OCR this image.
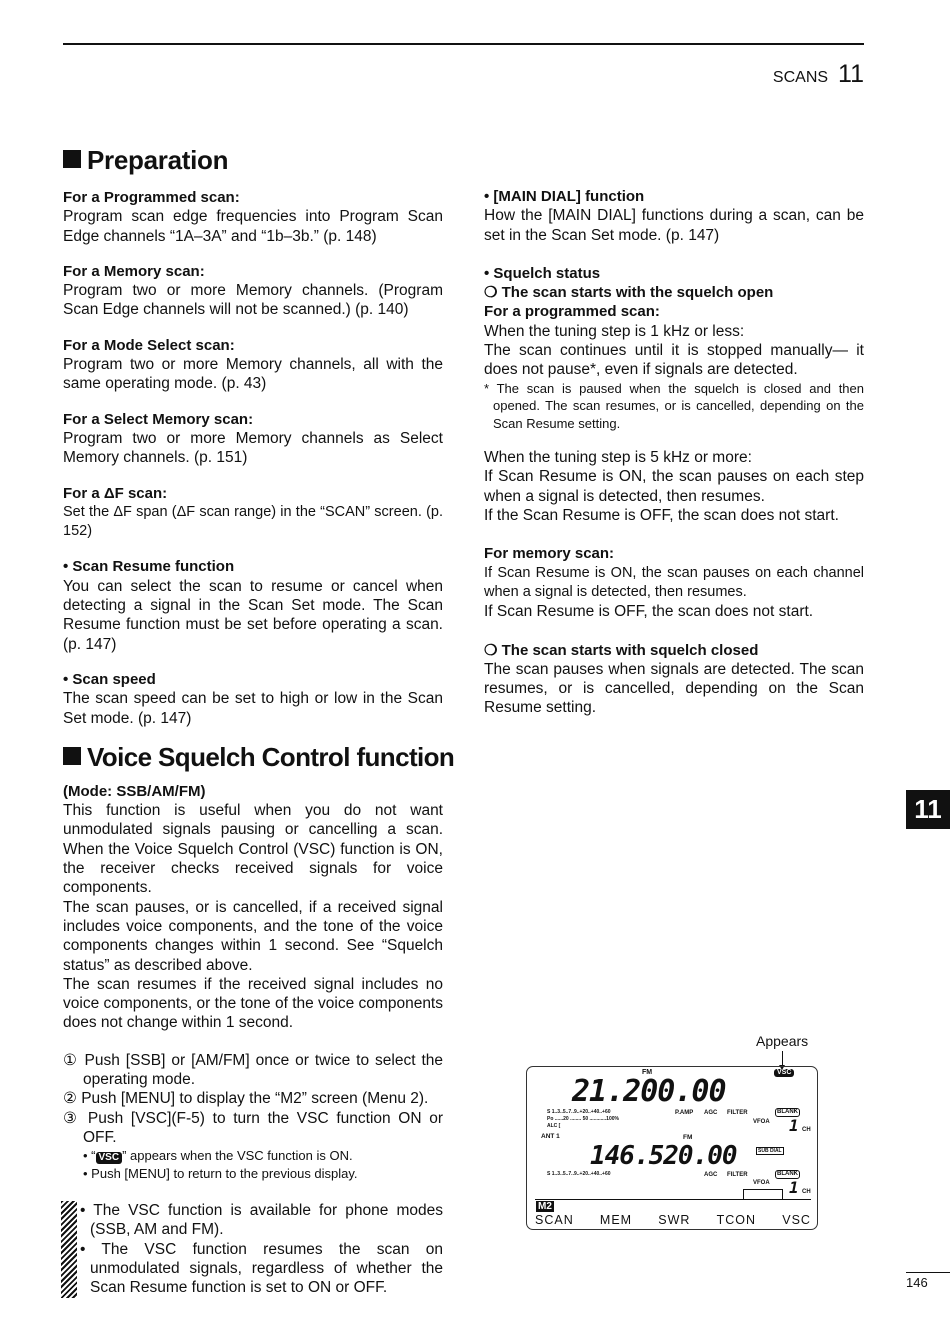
SCANS 11
Preparation
For a Programmed scan:
Program scan edge frequencies into Program Scan Edge channels “1A–3A” and “1b–3b.” (p. 148)
For a Memory scan:
Program two or more Memory channels. (Program Scan Edge channels will not be scanned.) (p. 140)
For a Mode Select scan:
Program two or more Memory channels, all with the same operating mode. (p. 43)
For a Select Memory scan:
Program two or more Memory channels as Select Memory channels. (p. 151)
For a ΔF scan:
Set the ΔF span (ΔF scan range) in the “SCAN” screen. (p. 152)
• Scan Resume function
You can select the scan to resume or cancel when detecting a signal in the Scan Set mode. The Scan Resume function must be set before operating a scan. (p. 147)
• Scan speed
The scan speed can be set to high or low in the Scan Set mode. (p. 147)
Voice Squelch Control function
(Mode: SSB/AM/FM)
This function is useful when you do not want unmodulated signals pausing or cancelling a scan. When the Voice Squelch Control (VSC) function is ON, the receiver checks received signals for voice components.
The scan pauses, or is cancelled, if a received signal includes voice components, and the tone of the voice components changes within 1 second. See “Squelch status” as described above.
The scan resumes if the received signal includes no voice components, or the tone of the voice components does not change within 1 second.
① Push [SSB] or [AM/FM] once or twice to select the operating mode.
② Push [MENU] to display the “M2” screen (Menu 2).
③ Push [VSC](F-5) to turn the VSC function ON or OFF.
• “ VSC ” appears when the VSC function is ON.
• Push [MENU] to return to the previous display.
• The VSC function is available for phone modes (SSB, AM and FM).
• The VSC function resumes the scan on unmodulated signals, regardless of whether the Scan Resume function is set to ON or OFF.
• [MAIN DIAL] function
How the [MAIN DIAL] functions during a scan, can be set in the Scan Set mode. (p. 147)
• Squelch status
❍ The scan starts with the squelch open
For a programmed scan:
When the tuning step is 1 kHz or less:
The scan continues until it is stopped manually— it does not pause*, even if signals are detected.
* The scan is paused when the squelch is closed and then opened. The scan resumes, or is cancelled, depending on the Scan Resume setting.
When the tuning step is 5 kHz or more:
If Scan Resume is ON, the scan pauses on each step when a signal is detected, then resumes.
If the Scan Resume is OFF, the scan does not start.
For memory scan:
If Scan Resume is ON, the scan pauses on each channel when a signal is detected, then resumes.
If Scan Resume is OFF, the scan does not start.
❍ The scan starts with squelch closed
The scan pauses when signals are detected. The scan resumes, or is cancelled, depending on the Scan Resume setting.
Appears
FM	VSC
21.200.00
S 1..3..5..7..9..+20..+40..+60
Po ......20 ........ 50 ............100%
ALC [
P.AMP AGC FILTER
VFOA
BLANK
1 CH
ANT 1	FM
146.520.00	SUB DIAL
S 1..3..5..7..9..+20..+40..+60	AGC FILTER
VFOA
BLANK
1 CH
M2
SCAN MEM SWR TCON VSC
11
146
